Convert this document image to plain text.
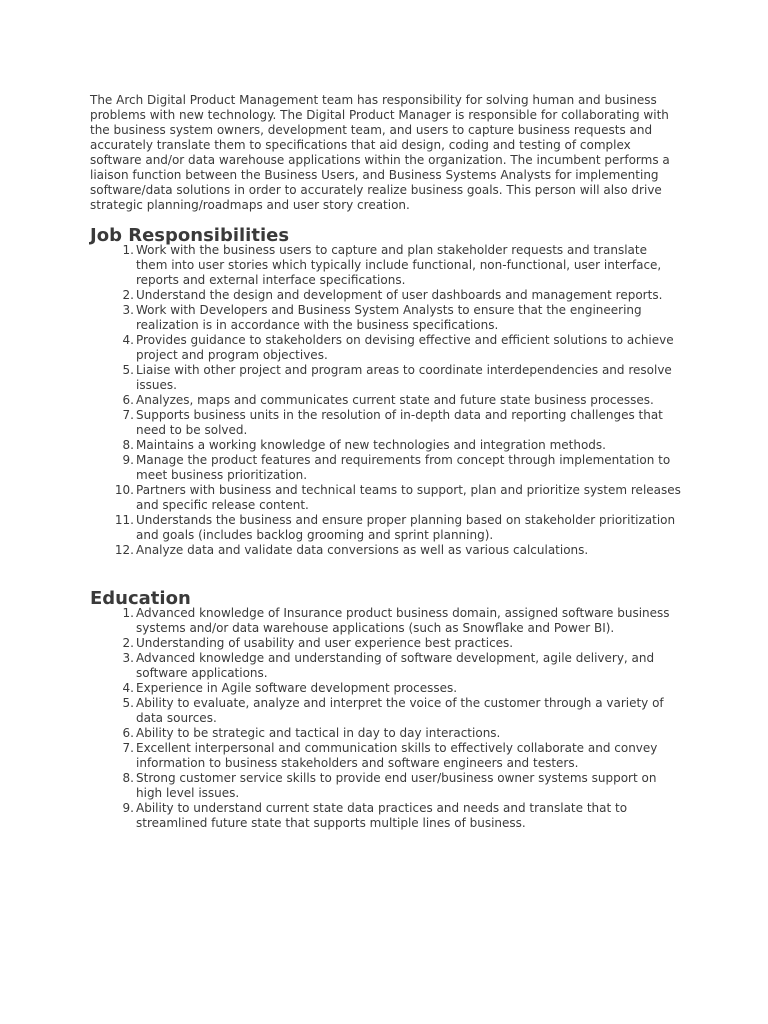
The Arch Digital Product Management team has responsibility for solving human and business problems with new technology. The Digital Product Manager is responsible for collaborating with the business system owners, development team, and users to capture business requests and accurately translate them to specifications that aid design, coding and testing of complex software and/or data warehouse applications within the organization. The incumbent performs a liaison function between the Business Users, and Business Systems Analysts for implementing software/data solutions in order to accurately realize business goals. This person will also drive strategic planning/roadmaps and user story creation.

Job Responsibilities
1 . Work with the business users to capture and plan stakeholder requests and translate them into user stories which typically include functional, non-functional, user interface, reports and external interface specifications.
2 . Understand the design and development of user dashboards and management reports.
3 . Work with Developers and Business System Analysts to ensure that the engineering realization is in accordance with the business specifications.
4 . Provides guidance to stakeholders on devising effective and efficient solutions to achieve project and program objectives.
5 . Liaise with other project and program areas to coordinate interdependencies and resolve issues.
6 . Analyzes, maps and communicates current state and future state business processes.
7 . Supports business units in the resolution of in-depth data and reporting challenges that need to be solved.
8 . Maintains a working knowledge of new technologies and integration methods.
9 . Manage the product features and requirements from concept through implementation to meet business prioritization.
10 . Partners with business and technical teams to support, plan and prioritize system releases and specific release content.
11 . Understands the business and ensure proper planning based on stakeholder prioritization and goals (includes backlog grooming and sprint planning).
12 . Analyze data and validate data conversions as well as various calculations.
Education
1 . Advanced knowledge of Insurance product business domain, assigned software business systems and/or data warehouse applications (such as Snowflake and Power BI).
2 . Understanding of usability and user experience best practices.
3 . Advanced knowledge and understanding of software development, agile delivery, and software applications.
4 . Experience in Agile software development processes.
5 . Ability to evaluate, analyze and interpret the voice of the customer through a variety of data sources.
6 . Ability to be strategic and tactical in day to day interactions.
7 . Excellent interpersonal and communication skills to effectively collaborate and convey information to business stakeholders and software engineers and testers.
8 . Strong customer service skills to provide end user/business owner systems support on high level issues.
9 . Ability to understand current state data practices and needs and translate that to streamlined future state that supports multiple lines of business.
